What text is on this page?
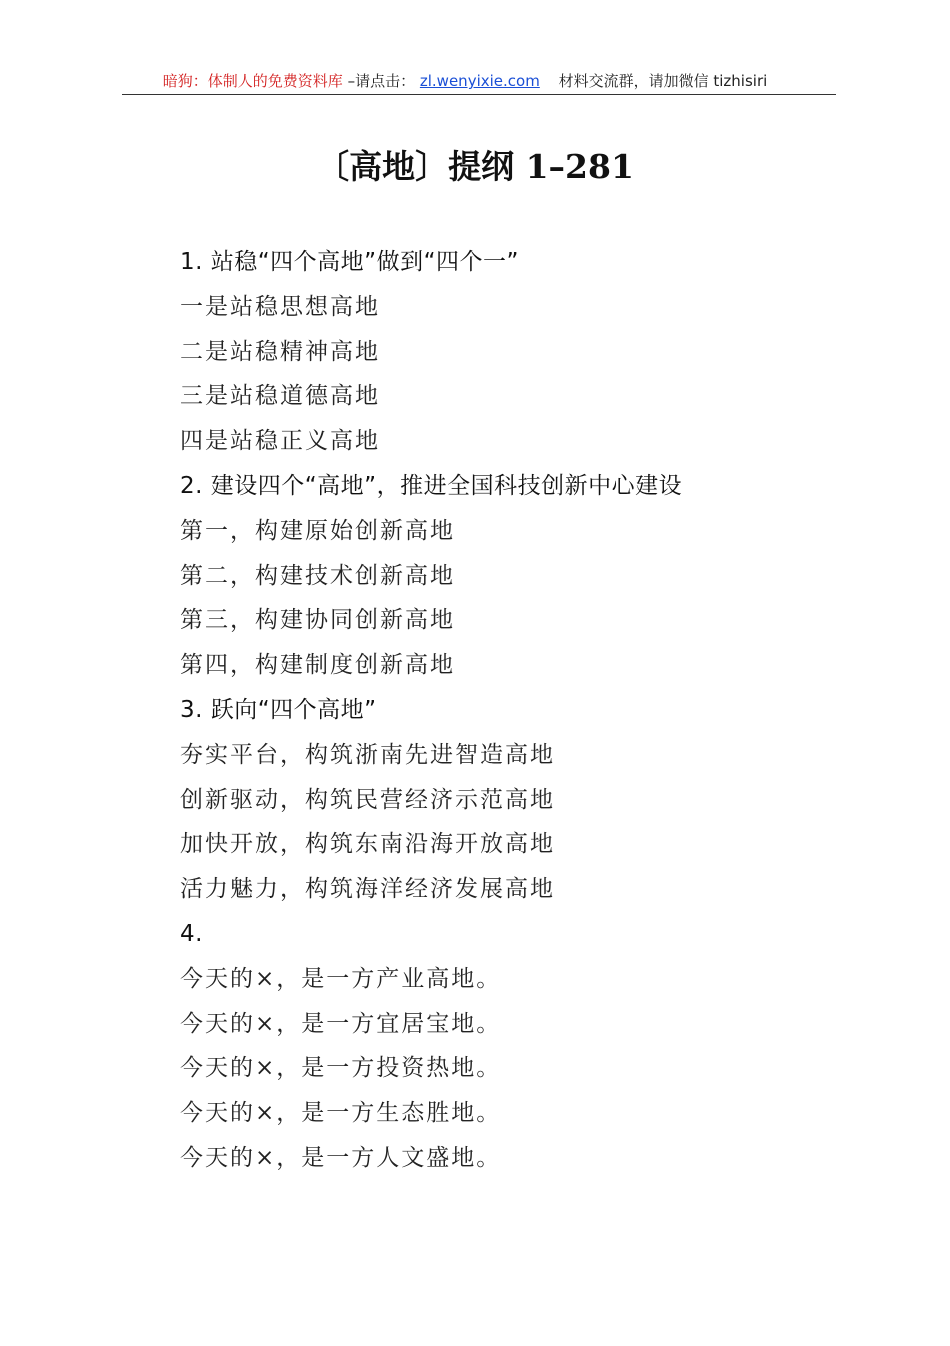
暗狗：体制人的免费资料库 –请点击： zl.wenyixie.com 材料交流群，请加微信 tizhisiri
〔高地〕提纲 1–281
1. 站稳“四个高地”做到“四个一”
一是站稳思想高地
二是站稳精神高地
三是站稳道德高地
四是站稳正义高地
2. 建设四个“高地”，推进全国科技创新中心建设
第一，构建原始创新高地
第二，构建技术创新高地
第三，构建协同创新高地
第四，构建制度创新高地
3. 跃向“四个高地”
夯实平台，构筑浙南先进智造高地
创新驱动，构筑民营经济示范高地
加快开放，构筑东南沿海开放高地
活力魅力，构筑海洋经济发展高地
4.
今天的×，是一方产业高地。
今天的×，是一方宜居宝地。
今天的×，是一方投资热地。
今天的×，是一方生态胜地。
今天的×，是一方人文盛地。
